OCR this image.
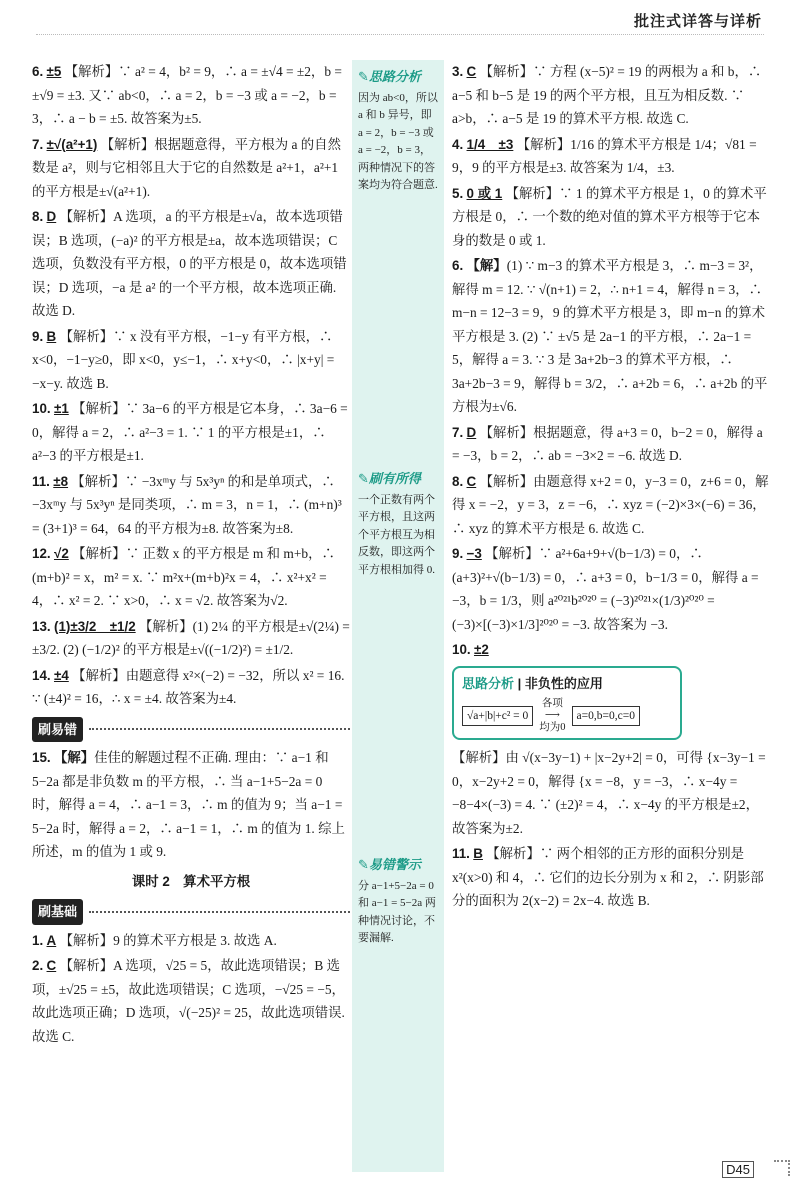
批注式详答与详析
6. ±5 【解析】∵ a² = 4，b² = 9，∴ a = ±√4 = ±2，b = ±√9 = ±3. 又∵ ab<0，∴ a = 2，b = −3 或 a = −2，b = 3，∴ a − b = ±5. 故答案为±5.
7. ±√(a²+1) 【解析】根据题意得，平方根为 a 的自然数是 a²，则与它相邻且大于它的自然数是 a²+1，a²+1 的平方根是±√(a²+1).
8. D 【解析】A 选项，a 的平方根是±√a，故本选项错误；B 选项，(−a)² 的平方根是±a，故本选项错误；C 选项，负数没有平方根，0 的平方根是 0，故本选项错误；D 选项，−a 是 a² 的一个平方根，故本选项正确. 故选 D.
9. B 【解析】∵ x 没有平方根，−1−y 有平方根，∴ x<0，−1−y≥0，即 x<0，y≤−1，∴ x+y<0，∴ |x+y| = −x−y. 故选 B.
10. ±1 【解析】∵ 3a−6 的平方根是它本身，∴ 3a−6 = 0，解得 a = 2，∴ a²−3 = 1. ∵ 1 的平方根是±1，∴ a²−3 的平方根是±1.
11. ±8 【解析】∵ −3xᵐy 与 5x³yⁿ 的和是单项式，∴ −3xᵐy 与 5x³yⁿ 是同类项，∴ m = 3，n = 1，∴ (m+n)³ = (3+1)³ = 64，64 的平方根为±8. 故答案为±8.
12. √2 【解析】∵ 正数 x 的平方根是 m 和 m+b，∴ (m+b)² = x，m² = x. ∵ m²x+(m+b)²x = 4，∴ x²+x² = 4，∴ x² = 2. ∵ x>0，∴ x = √2. 故答案为√2.
13. (1)±3/2　±1/2 【解析】(1) 2¼ 的平方根是±√(2¼) = ±3/2. (2) (−1/2)² 的平方根是±√((−1/2)²) = ±1/2.
14. ±4 【解析】由题意得 x²×(−2) = −32，所以 x² = 16. ∵ (±4)² = 16，∴ x = ±4. 故答案为±4.
刷易错
15. 【解】佳佳的解题过程不正确. 理由：∵ a−1 和 5−2a 都是非负数 m 的平方根，∴ 当 a−1+5−2a = 0 时，解得 a = 4，∴ a−1 = 3，∴ m 的值为 9；当 a−1 = 5−2a 时，解得 a = 2，∴ a−1 = 1，∴ m 的值为 1. 综上所述，m 的值为 1 或 9.
课时 2　算术平方根
刷基础
1. A 【解析】9 的算术平方根是 3. 故选 A.
2. C 【解析】A 选项，√25 = 5，故此选项错误；B 选项，±√25 = ±5，故此选项错误；C 选项，−√25 = −5，故此选项正确；D 选项，√(−25)² = 25，故此选项错误. 故选 C.
✎ 思路分析
因为 ab<0，所以 a 和 b 异号，即 a = 2，b = −3 或 a = −2，b = 3，两种情况下的答案均为符合题意.
✎ 刷有所得
一个正数有两个平方根，且这两个平方根互为相反数，即这两个平方根相加得 0.
✎ 易错警示
分 a−1+5−2a = 0 和 a−1 = 5−2a 两种情况讨论，不要漏解.
3. C 【解析】∵ 方程 (x−5)² = 19 的两根为 a 和 b，∴ a−5 和 b−5 是 19 的两个平方根，且互为相反数. ∵ a>b，∴ a−5 是 19 的算术平方根. 故选 C.
4. 1/4　±3 【解析】1/16 的算术平方根是 1/4；√81 = 9，9 的平方根是±3. 故答案为 1/4，±3.
5. 0 或 1 【解析】∵ 1 的算术平方根是 1，0 的算术平方根是 0，∴ 一个数的绝对值的算术平方根等于它本身的数是 0 或 1.
6. 【解】(1) ∵ m−3 的算术平方根是 3，∴ m−3 = 3²，解得 m = 12. ∵ √(n+1) = 2，∴ n+1 = 4，解得 n = 3，∴ m−n = 12−3 = 9，9 的算术平方根是 3，即 m−n 的算术平方根是 3. (2) ∵ ±√5 是 2a−1 的平方根，∴ 2a−1 = 5，解得 a = 3. ∵ 3 是 3a+2b−3 的算术平方根，∴ 3a+2b−3 = 9，解得 b = 3/2，∴ a+2b = 6，∴ a+2b 的平方根为±√6.
7. D 【解析】根据题意，得 a+3 = 0，b−2 = 0，解得 a = −3，b = 2，∴ ab = −3×2 = −6. 故选 D.
8. C 【解析】由题意得 x+2 = 0，y−3 = 0，z+6 = 0，解得 x = −2，y = 3，z = −6，∴ xyz = (−2)×3×(−6) = 36，∴ xyz 的算术平方根是 6. 故选 C.
9. −3 【解析】∵ a²+6a+9+√(b−1/3) = 0，∴ (a+3)²+√(b−1/3) = 0，∴ a+3 = 0，b−1/3 = 0，解得 a = −3，b = 1/3，则 a²⁰²¹b²⁰²⁰ = (−3)²⁰²¹×(1/3)²⁰²⁰ = (−3)×[(−3)×1/3]²⁰²⁰ = −3. 故答案为 −3.
10. ±2
思路分析 | 非负性的应用
√a+|b|+c² = 0
各项
⟶
均为0
a=0,b=0,c=0
【解析】由 √(x−3y−1) + |x−2y+2| = 0，可得 {x−3y−1 = 0，x−2y+2 = 0，解得 {x = −8，y = −3，∴ x−4y = −8−4×(−3) = 4. ∵ (±2)² = 4，∴ x−4y 的平方根是±2，故答案为±2.
11. B 【解析】∵ 两个相邻的正方形的面积分别是 x²(x>0) 和 4，∴ 它们的边长分别为 x 和 2，∴ 阴影部分的面积为 2(x−2) = 2x−4. 故选 B.
D45
